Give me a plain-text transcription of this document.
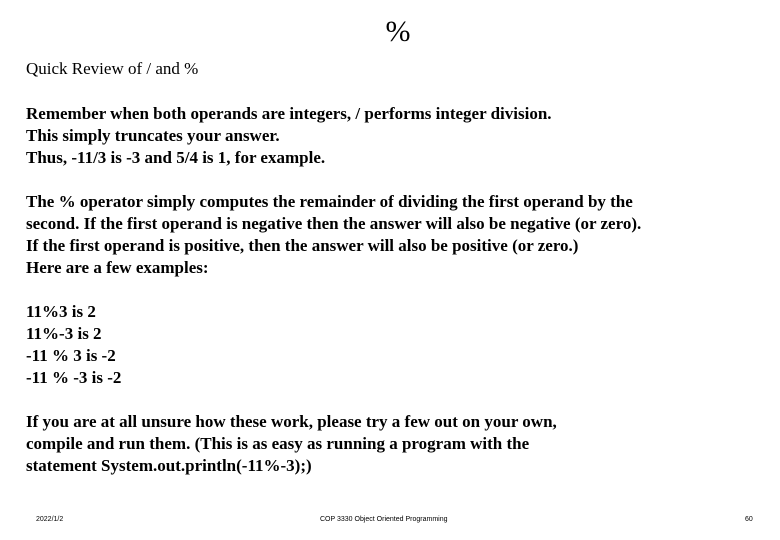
%

Quick Review of / and %

Remember when both operands are integers, / performs integer division.
This simply truncates your answer.
Thus, -11/3 is -3 and 5/4 is 1, for example.

The % operator simply computes the remainder of dividing the first operand by the
second. If the first operand is negative then the answer will also be negative (or zero).
If the first operand is positive, then the answer will also be positive (or zero.)
Here are a few examples:

11%3 is 2
11%-3 is 2
-11 % 3 is -2
-11 % -3 is -2

If you are at all unsure how these work, please try a few out on your own,
compile and run them. (This is as easy as running a program with the
statement System.out.println(-11%-3);)

2022/1/2	COP 3330 Object Oriented Programming	60
